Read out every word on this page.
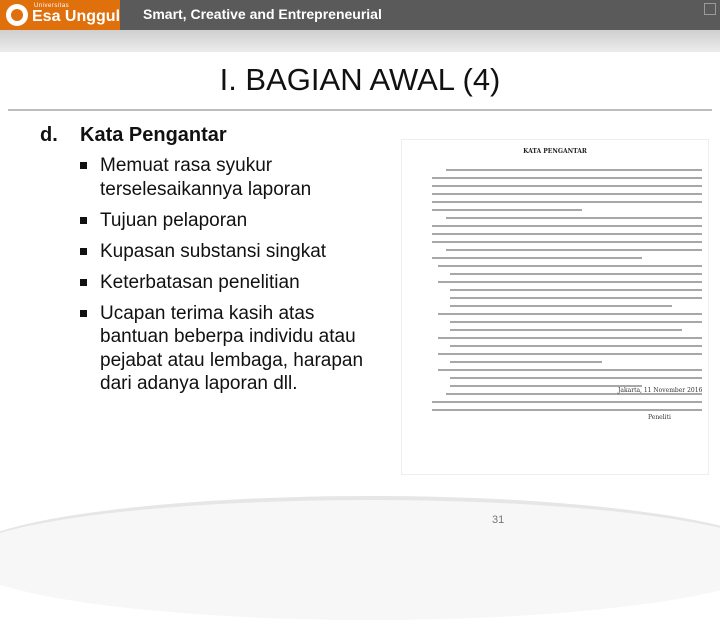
Universitas
Esa Unggul Smart, Creative and Entrepreneurial
I. BAGIAN AWAL (4)
d. Kata Pengantar
Memuat rasa syukur terselesaikannya laporan
Tujuan pelaporan
Kupasan substansi singkat
Keterbatasan penelitian
Ucapan terima kasih atas bantuan beberpa individu atau pejabat atau lembaga, harapan dari adanya laporan dll.
KATA PENGANTAR
Jakarta, 11 November 2016
Peneliti
31
